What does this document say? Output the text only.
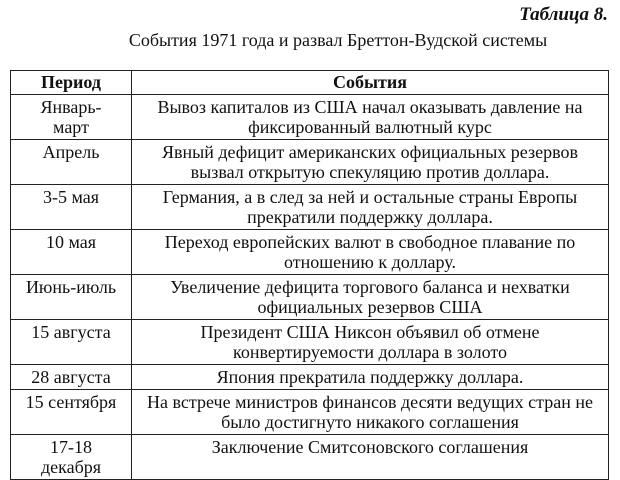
Таблица 8.
События 1971 года и развал Бреттон-Вудской системы
Период	События
Январь-
март	Вывоз капиталов из США начал оказывать давление на
фиксированный валютный курс
Апрель	Явный дефицит американских официальных резервов
вызвал открытую спекуляцию против доллара.
3-5 мая	Германия, а в след за ней и остальные страны Европы
прекратили поддержку доллара.
10 мая	Переход европейских валют в свободное плавание по
отношению к доллару.
Июнь-июль	Увеличение дефицита торгового баланса и нехватки
официальных резервов США
15 августа	Президент США Никсон объявил об отмене
конвертируемости доллара в золото
28 августа	Япония прекратила поддержку доллара.
15 сентября	На встрече министров финансов десяти ведущих стран не
было достигнуто никакого соглашения
17-18
декабря	Заключение Смитсоновского соглашения
